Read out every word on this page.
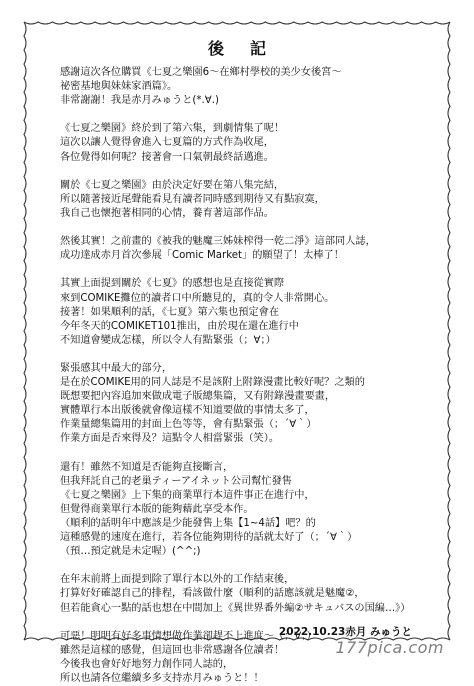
後記
感謝這次各位購買《七夏之樂園6～在鄉村學校的美少女後宮～
祕密基地與妹妹家酒篇》。
非常謝謝！我是赤月みゅうと(*.∀.)
《七夏之樂園》終於到了第六集，到劇情集了呢！
這次以讓人覺得會進入七夏篇的方式作為收尾，
各位覺得如何呢？接著會一口氣朝最終話邁進。
關於《七夏之樂園》由於決定好要在第八集完結，
所以隨著接近尾聲能看見有讀者同時感到期待又有點寂寞，
我自己也懷抱著相同的心情，養育著這部作品。
然後其實！之前畫的《被我的魅魔三姊妹榨得一乾二淨》這部同人誌，
成功達成赤月首次參展「Comic Market」的願望了！太棒了！
其實上面提到關於《七夏》的感想也是直接從實際
來到COMIKE攤位的讀者口中所聽見的，真的令人非常開心。
接著！如果順利的話，《七夏》第六集也預定會在
今年冬天的COMIKET101推出，由於現在還在進行中
不知道會變成怎樣，所以令人有點緊張（；∀；）
緊張感其中最大的部分，
是在於COMIKE用的同人誌是不是該附上附錄漫畫比較好呢？之類的
既想要把內容追加來做成電子版總集篇，又有附錄漫畫要畫，
實體單行本出版後就會像這樣不知道要做的事情太多了，
作業量總集篇用的封面上色等等，會有點緊張（；´∀｀）
作業方面是否來得及？這點令人相當緊張（笑）。
還有！雖然不知道是否能夠直接斷言，
但我拜託自己的老巢ティーアイネット公司幫忙發售
《七夏之樂園》上下集的商業單行本這件事正在進行中，
但覺得商業單行本版的能夠藉此享受本作。
（順利的話明年中應該是少能發售上集【1~4話】吧？的
這種感覺的速度在進行，若各位能夠期待的話就太好了（；´∀｀）
（預…預定就是未定喔）(^^;)
在年末前將上面提到除了單行本以外的工作結束後，
打算好好確認自己的排程，看該做什麼（順利的話應該就是魅魔②，
但若能貪心一點的話也想在中間加上《異世界番外編②サキュバスの国編…》）
可惡！明明有好多事情想做作業卻趕不上進度～（；∀；）
雖然是這樣的感覺，但這回也非常感謝各位讀者！
今後我也會好好地努力創作同人誌的，
所以也請各位繼續多多支持赤月みゅうと！！
2022.10.23赤月 みゅうと
177pica.com
